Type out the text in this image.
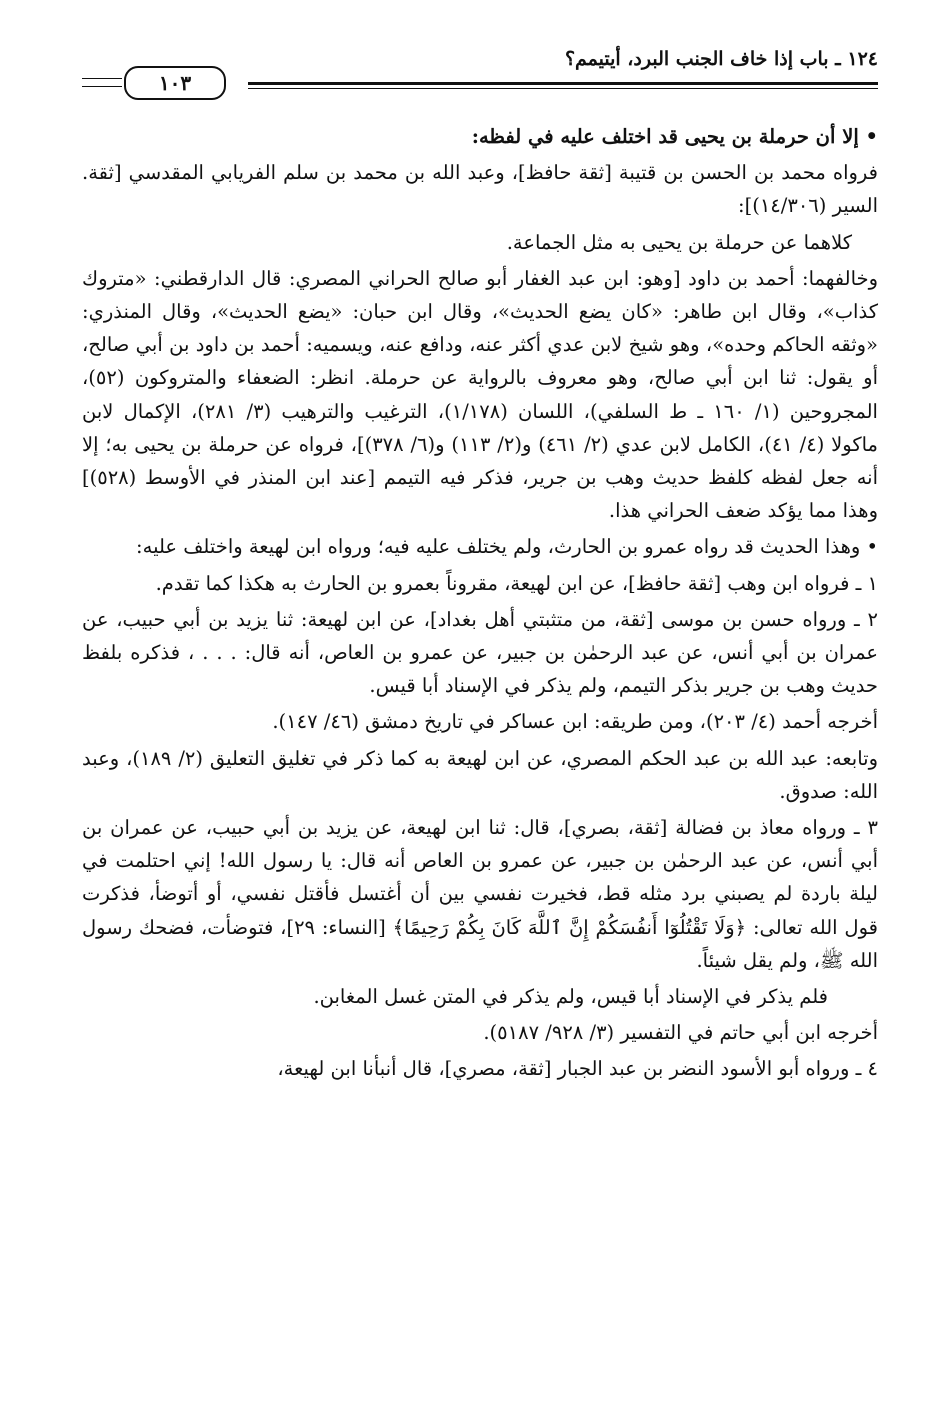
١٢٤ ـ باب إذا خاف الجنب البرد، أيتيمم؟
١٠٣

• إلا أن حرملة بن يحيى قد اختلف عليه في لفظه:

فرواه محمد بن الحسن بن قتيبة [ثقة حافظ]، وعبد الله بن محمد بن سلم الفريابي المقدسي [ثقة. السير (١٤/٣٠٦)]:

كلاهما عن حرملة بن يحيى به مثل الجماعة.

وخالفهما: أحمد بن داود [وهو: ابن عبد الغفار أبو صالح الحراني المصري: قال الدارقطني: «متروك كذاب»، وقال ابن طاهر: «كان يضع الحديث»، وقال ابن حبان: «يضع الحديث»، وقال المنذري: «وثقه الحاكم وحده»، وهو شيخ لابن عدي أكثر عنه، ودافع عنه، ويسميه: أحمد بن داود بن أبي صالح، أو يقول: ثنا ابن أبي صالح، وهو معروف بالرواية عن حرملة. انظر: الضعفاء والمتروكون (٥٢)، المجروحين (١/ ١٦٠ ـ ط السلفي)، اللسان (١/١٧٨)، الترغيب والترهيب (٣/ ٢٨١)، الإكمال لابن ماكولا (٤/ ٤١)، الكامل لابن عدي (٢/ ٤٦١) و(٢/ ١١٣) و(٦/ ٣٧٨)]، فرواه عن حرملة بن يحيى به؛ إلا أنه جعل لفظه كلفظ حديث وهب بن جرير، فذكر فيه التيمم [عند ابن المنذر في الأوسط (٥٢٨)] وهذا مما يؤكد ضعف الحراني هذا.

• وهذا الحديث قد رواه عمرو بن الحارث، ولم يختلف عليه فيه؛ ورواه ابن لهيعة واختلف عليه:

١ ـ فرواه ابن وهب [ثقة حافظ]، عن ابن لهيعة، مقروناً بعمرو بن الحارث به هكذا كما تقدم.

٢ ـ ورواه حسن بن موسى [ثقة، من متثبتي أهل بغداد]، عن ابن لهيعة: ثنا يزيد بن أبي حبيب، عن عمران بن أبي أنس، عن عبد الرحمٰن بن جبير، عن عمرو بن العاص، أنه قال: . . . ، فذكره بلفظ حديث وهب بن جرير بذكر التيمم، ولم يذكر في الإسناد أبا قيس.

أخرجه أحمد (٤/ ٢٠٣)، ومن طريقه: ابن عساكر في تاريخ دمشق (٤٦/ ١٤٧).

وتابعه: عبد الله بن عبد الحكم المصري، عن ابن لهيعة به كما ذكر في تغليق التعليق (٢/ ١٨٩)، وعبد الله: صدوق.

٣ ـ ورواه معاذ بن فضالة [ثقة، بصري]، قال: ثنا ابن لهيعة، عن يزيد بن أبي حبيب، عن عمران بن أبي أنس، عن عبد الرحمٰن بن جبير، عن عمرو بن العاص أنه قال: يا رسول الله! إني احتلمت في ليلة باردة لم يصبني برد مثله قط، فخيرت نفسي بين أن أغتسل فأقتل نفسي، أو أتوضأ، فذكرت قول الله تعالى: ﴿وَلَا تَقْتُلُوٓا أَنفُسَكُمْ إِنَّ ٱللَّهَ كَانَ بِكُمْ رَحِيمًا﴾ [النساء: ٢٩]، فتوضأت، فضحك رسول الله ﷺ، ولم يقل شيئاً.

فلم يذكر في الإسناد أبا قيس، ولم يذكر في المتن غسل المغابن.

أخرجه ابن أبي حاتم في التفسير (٣/ ٩٢٨/ ٥١٨٧).

٤ ـ ورواه أبو الأسود النضر بن عبد الجبار [ثقة، مصري]، قال أنبأنا ابن لهيعة،
